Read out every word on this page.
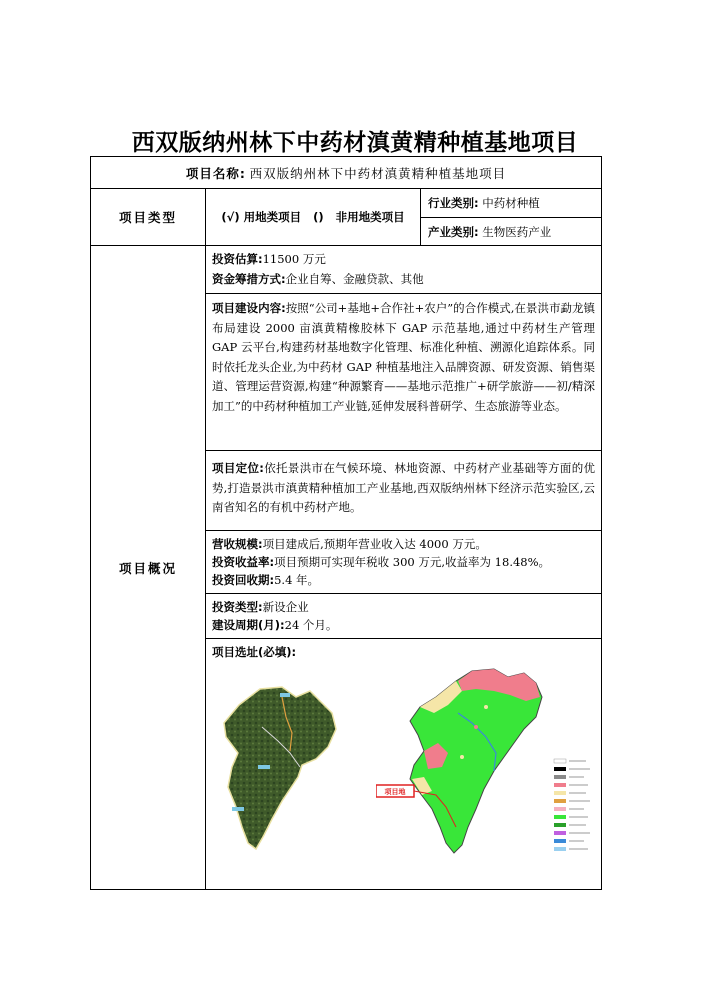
西双版纳州林下中药材滇黄精种植基地项目
项目名称: 西双版纳州林下中药材滇黄精种植基地项目		
项目类型	(√) 用地类项目   ()   非用地类项目	行业类别: 中药材种植
		产业类别: 生物医药产业
项目概况	投资估算:11500 万元
资金筹措方式:企业自筹、金融贷款、其他	

	项目建设内容:按照“公司+基地+合作社+农户”的合作模式,在景洪市勐龙镇布局建设 2000 亩滇黄精橡胶林下 GAP 示范基地,通过中药材生产管理 GAP 云平台,构建药材基地数字化管理、标准化种植、溯源化追踪体系。同时依托龙头企业,为中药材 GAP 种植基地注入品牌资源、研发资源、销售渠道、管理运营资源,构建“种源繁育——基地示范推广+研学旅游——初/精深加工”的中药材种植加工产业链,延伸发展科普研学、生态旅游等业态。	
	项目定位:依托景洪市在气候环境、林地资源、中药材产业基础等方面的优势,打造景洪市滇黄精种植加工产业基地,西双版纳州林下经济示范实验区,云南省知名的有机中药材产地。	

	营收规模:项目建成后,预期年营业收入达 4000 万元。
投资收益率:项目预期可实现年税收 300 万元,收益率为 18.48%。
投资回收期:5.4 年。	

	投资类型:新设企业
建设周期(月):24 个月。	

	项目选址(必填):
项目地	
